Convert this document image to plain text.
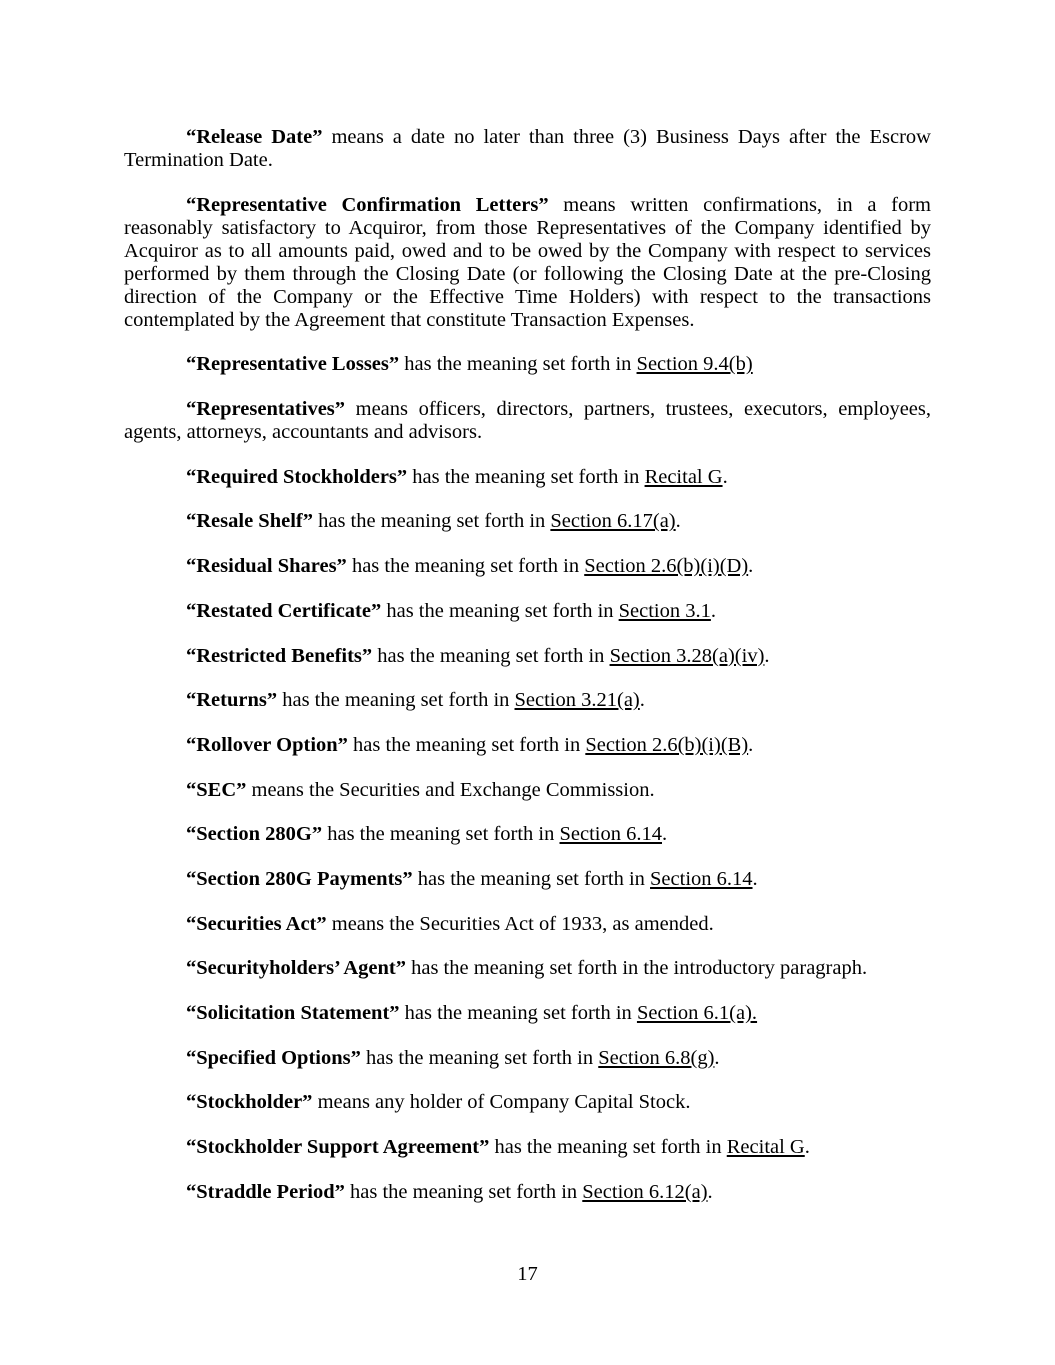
“Release Date” means a date no later than three (3) Business Days after the Escrow Termination Date.

“Representative Confirmation Letters” means written confirmations, in a form reasonably satisfactory to Acquiror, from those Representatives of the Company identified by Acquiror as to all amounts paid, owed and to be owed by the Company with respect to services performed by them through the Closing Date (or following the Closing Date at the pre-Closing direction of the Company or the Effective Time Holders) with respect to the transactions contemplated by the Agreement that constitute Transaction Expenses.

“Representative Losses” has the meaning set forth in Section 9.4(b)

“Representatives” means officers, directors, partners, trustees, executors, employees, agents, attorneys, accountants and advisors.

“Required Stockholders” has the meaning set forth in Recital G.

“Resale Shelf” has the meaning set forth in Section 6.17(a).

“Residual Shares” has the meaning set forth in Section 2.6(b)(i)(D).

“Restated Certificate” has the meaning set forth in Section 3.1.

“Restricted Benefits” has the meaning set forth in Section 3.28(a)(iv).

“Returns” has the meaning set forth in Section 3.21(a).

“Rollover Option” has the meaning set forth in Section 2.6(b)(i)(B).

“SEC” means the Securities and Exchange Commission.

“Section 280G” has the meaning set forth in Section 6.14.

“Section 280G Payments” has the meaning set forth in Section 6.14.

“Securities Act” means the Securities Act of 1933, as amended.

“Securityholders’ Agent” has the meaning set forth in the introductory paragraph.

“Solicitation Statement” has the meaning set forth in Section 6.1(a).

“Specified Options” has the meaning set forth in Section 6.8(g).

“Stockholder” means any holder of Company Capital Stock.

“Stockholder Support Agreement” has the meaning set forth in Recital G.

“Straddle Period” has the meaning set forth in Section 6.12(a).

17
